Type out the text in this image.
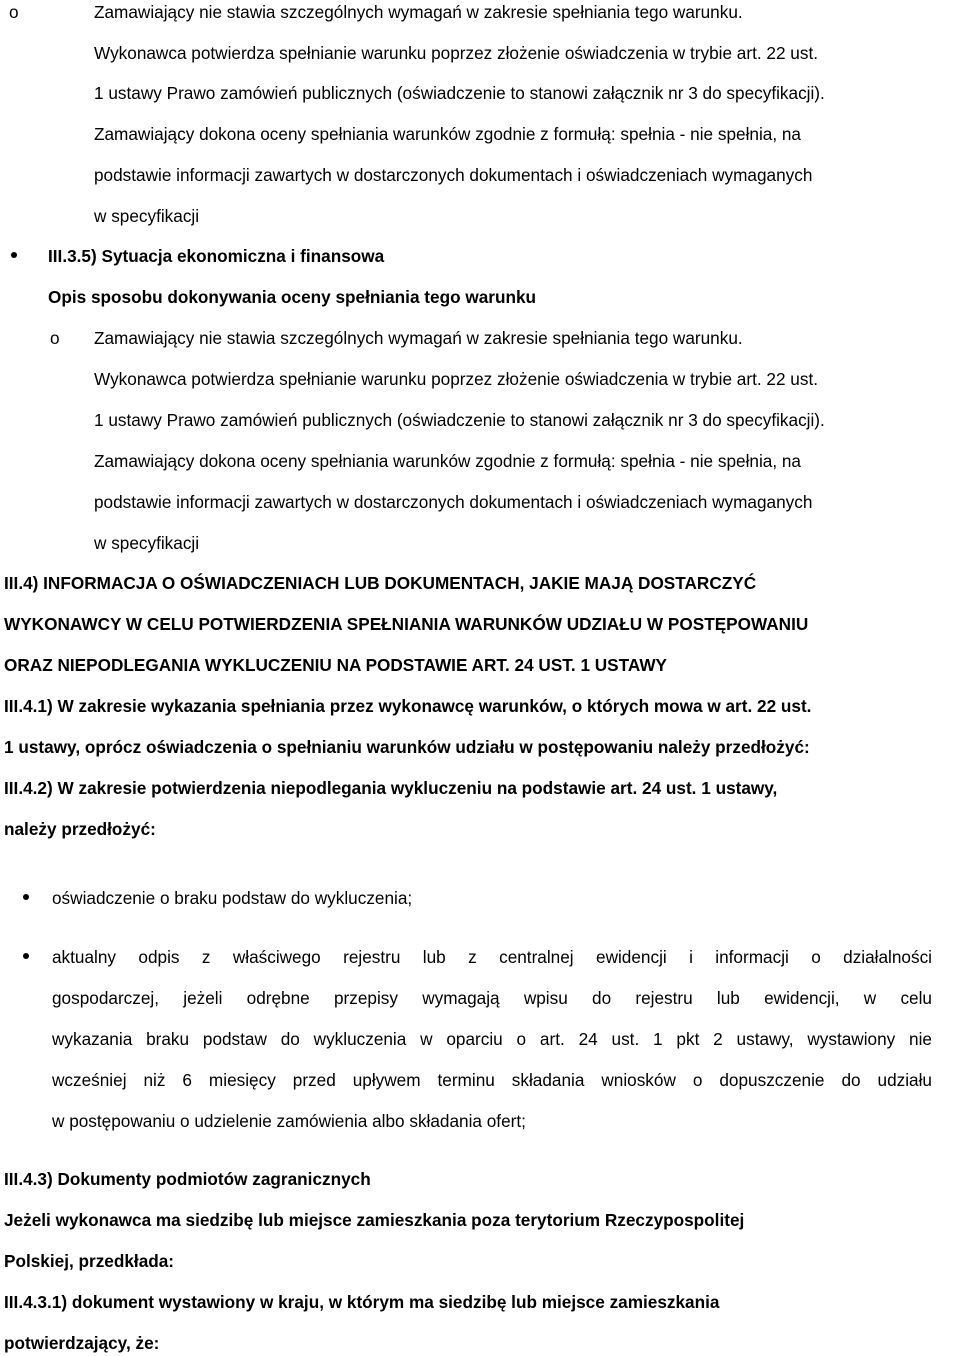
o	Zamawiający nie stawia szczególnych wymagań w zakresie spełniania tego warunku.

Wykonawca potwierdza spełnianie warunku poprzez złożenie oświadczenia w trybie art. 22 ust.

1 ustawy Prawo zamówień publicznych (oświadczenie to stanowi załącznik nr 3 do specyfikacji).

Zamawiający dokona oceny spełniania warunków zgodnie z formułą: spełnia - nie spełnia, na

podstawie informacji zawartych w dostarczonych dokumentach i oświadczeniach wymaganych

w specyfikacji

III.3.5) Sytuacja ekonomiczna i finansowa

Opis sposobu dokonywania oceny spełniania tego warunku

o Zamawiający nie stawia szczególnych wymagań w zakresie spełniania tego warunku.

Wykonawca potwierdza spełnianie warunku poprzez złożenie oświadczenia w trybie art. 22 ust.

1 ustawy Prawo zamówień publicznych (oświadczenie to stanowi załącznik nr 3 do specyfikacji).

Zamawiający dokona oceny spełniania warunków zgodnie z formułą: spełnia - nie spełnia, na

podstawie informacji zawartych w dostarczonych dokumentach i oświadczeniach wymaganych

w specyfikacji

III.4) INFORMACJA O OŚWIADCZENIACH LUB DOKUMENTACH, JAKIE MAJĄ DOSTARCZYĆ

WYKONAWCY W CELU POTWIERDZENIA SPEŁNIANIA WARUNKÓW UDZIAŁU W POSTĘPOWANIU

ORAZ NIEPODLEGANIA WYKLUCZENIU NA PODSTAWIE ART. 24 UST. 1 USTAWY

III.4.1) W zakresie wykazania spełniania przez wykonawcę warunków, o których mowa w art. 22 ust.

1 ustawy, oprócz oświadczenia o spełnianiu warunków udziału w postępowaniu należy przedłożyć:

III.4.2) W zakresie potwierdzenia niepodlegania wykluczeniu na podstawie art. 24 ust. 1 ustawy,

należy przedłożyć:

oświadczenie o braku podstaw do wykluczenia;

aktualny odpis z właściwego rejestru lub z centralnej ewidencji i informacji o działalności

gospodarczej, jeżeli odrębne przepisy wymagają wpisu do rejestru lub ewidencji, w celu

wykazania braku podstaw do wykluczenia w oparciu o art. 24 ust. 1 pkt 2 ustawy, wystawiony nie

wcześniej niż 6 miesięcy przed upływem terminu składania wniosków o dopuszczenie do udziału

w postępowaniu o udzielenie zamówienia albo składania ofert;

III.4.3) Dokumenty podmiotów zagranicznych

Jeżeli wykonawca ma siedzibę lub miejsce zamieszkania poza terytorium Rzeczypospolitej

Polskiej, przedkłada:

III.4.3.1) dokument wystawiony w kraju, w którym ma siedzibę lub miejsce zamieszkania

potwierdzający, że:
